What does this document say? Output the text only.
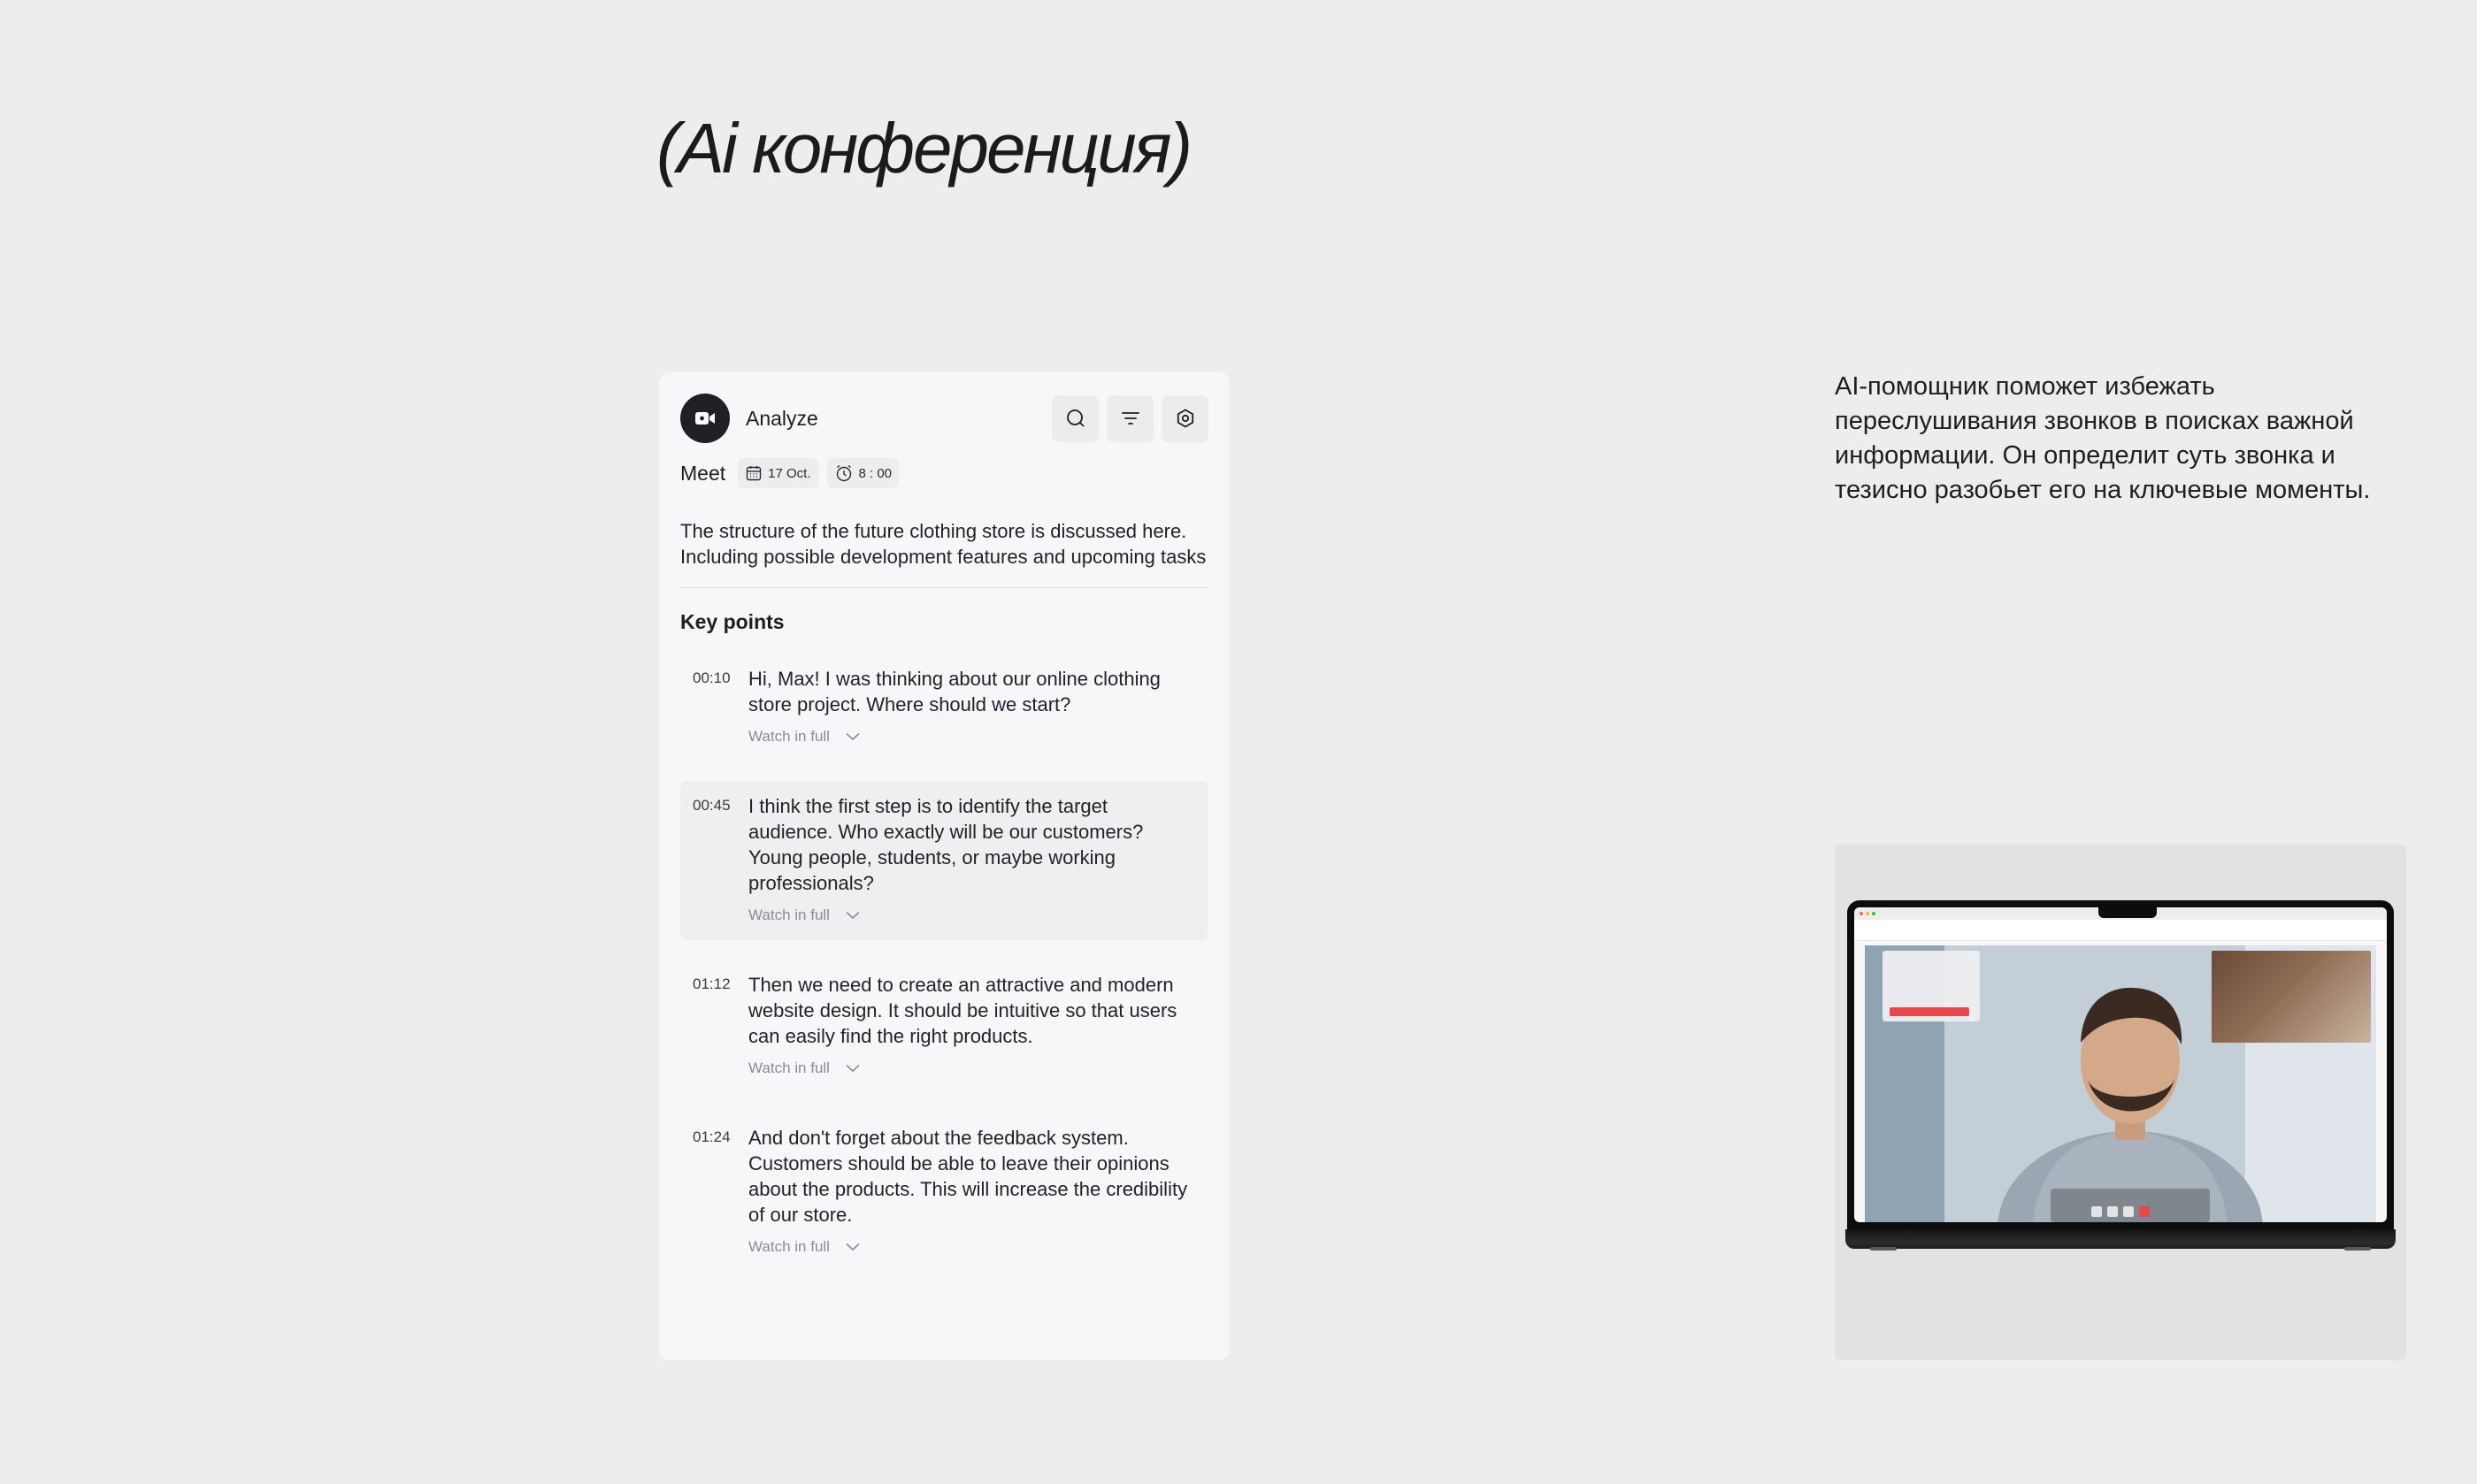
(Ai конференция)
Analyze
Meet	17 Oct.	8 : 00

The structure of the future clothing store is discussed here. Including possible development features and upcoming tasks

Key points
00:10 Hi, Max! I was thinking about our online clothing store project. Where should we start?

Watch in full
00:45 I think the first step is to identify the target audience. Who exactly will be our customers? Young people, students, or maybe working professionals?

Watch in full
01:12 Then we need to create an attractive and modern website design. It should be intuitive so that users can easily find the right products.

Watch in full
01:24 And don't forget about the feedback system. Customers should be able to leave their opinions about the products. This will increase the credibility of our store.

Watch in full

AI-помощник поможет избежать переслушивания звонков в поисках важной информации. Он определит суть звонка и тезисно разобьет его на ключевые моменты.
